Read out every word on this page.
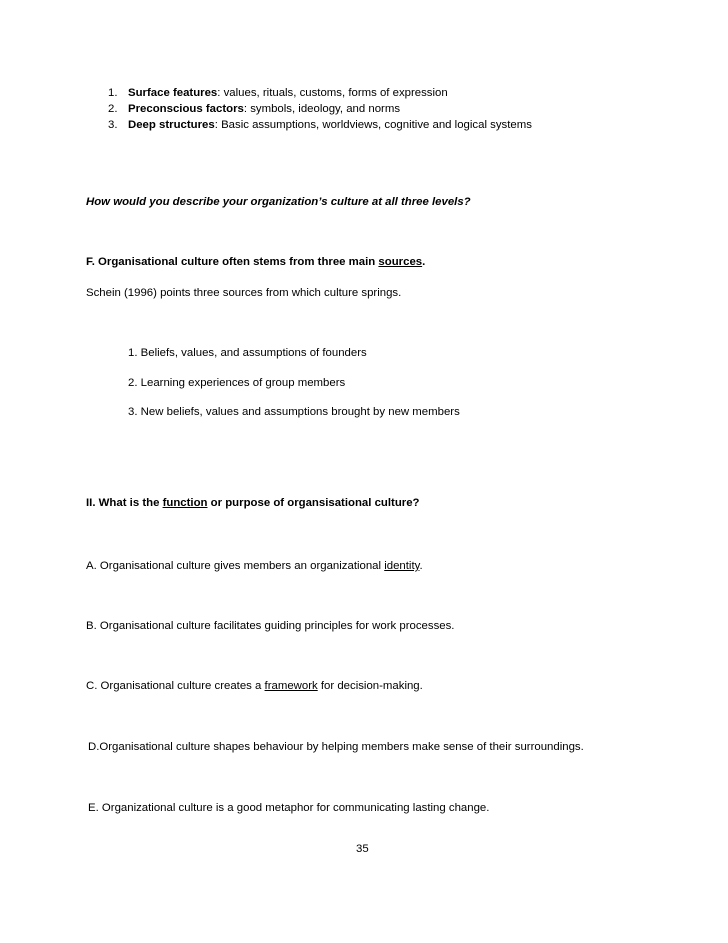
1. Surface features: values, rituals, customs, forms of expression
2. Preconscious factors: symbols, ideology, and norms
3. Deep structures: Basic assumptions, worldviews, cognitive and logical systems
How would you describe your organization’s culture at all three levels?
F. Organisational culture often stems from three main sources.
Schein (1996) points three sources from which culture springs.
1. Beliefs, values, and assumptions of founders
2. Learning experiences of group members
3. New beliefs, values and assumptions brought by new members
II. What is the function or purpose of organsisational culture?
A. Organisational culture gives members an organizational identity.
B. Organisational culture facilitates guiding principles for work processes.
C. Organisational culture creates a framework for decision-making.
D.Organisational culture shapes behaviour by helping members make sense of their surroundings.
E. Organizational culture is a good metaphor for communicating lasting change.
35
